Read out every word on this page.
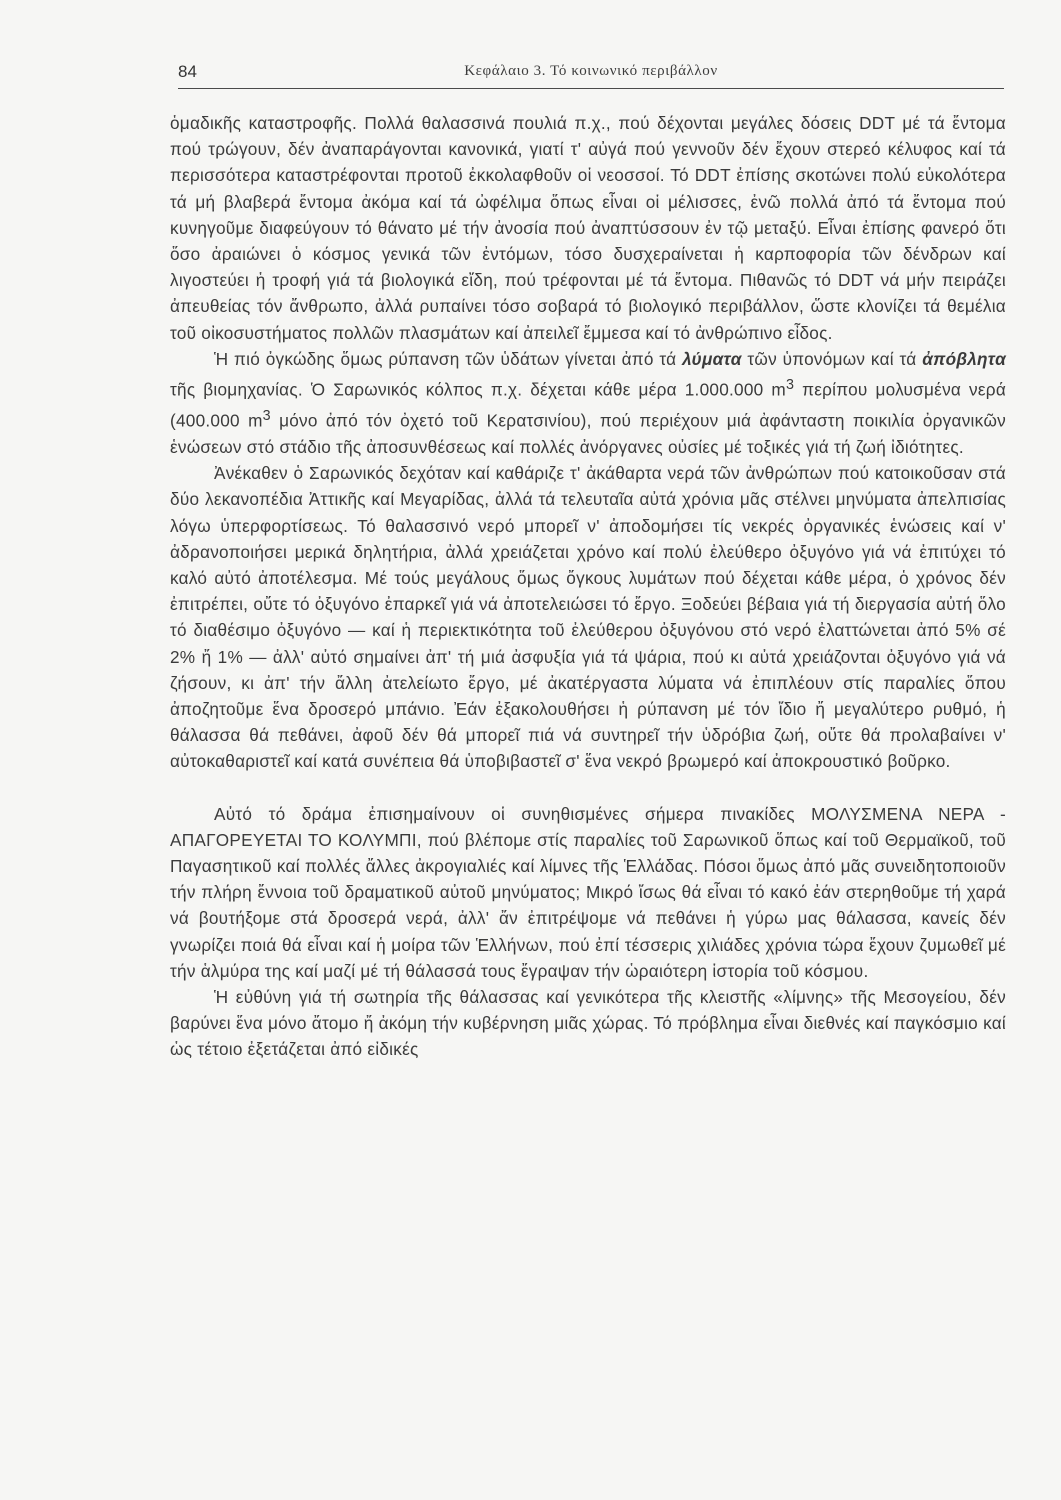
84	Κεφάλαιο 3. Τό κοινωνικό περιβάλλον

ὁμαδικῆς καταστροφῆς. Πολλά θαλασσινά πουλιά π.χ., πού δέχονται μεγάλες δόσεις DDT μέ τά ἔντομα πού τρώγουν, δέν ἀναπαράγονται κανονικά, γιατί τ' αὐγά πού γεννοῦν δέν ἔχουν στερεό κέλυφος καί τά περισσότερα καταστρέφονται προτοῦ ἐκκολαφθοῦν οἱ νεοσσοί. Τό DDT ἐπίσης σκοτώνει πολύ εὐκολότερα τά μή βλαβερά ἔντομα ἀκόμα καί τά ὠφέλιμα ὅπως εἶναι οἱ μέλισσες, ἐνῶ πολλά ἀπό τά ἔντομα πού κυνηγοῦμε διαφεύγουν τό θάνατο μέ τήν ἀνοσία πού ἀναπτύσσουν ἐν τῷ μεταξύ. Εἶναι ἐπίσης φανερό ὅτι ὅσο ἀραιώνει ὁ κόσμος γενικά τῶν ἐντόμων, τόσο δυσχεραίνεται ἡ καρποφορία τῶν δένδρων καί λιγοστεύει ἡ τροφή γιά τά βιολογικά εἴδη, πού τρέφονται μέ τά ἔντομα. Πιθανῶς τό DDT νά μήν πειράζει ἀπευθείας τόν ἄνθρωπο, ἀλλά ρυπαίνει τόσο σοβαρά τό βιολογικό περιβάλλον, ὥστε κλονίζει τά θεμέλια τοῦ οἰκοσυστήματος πολλῶν πλασμάτων καί ἀπειλεῖ ἔμμεσα καί τό ἀνθρώπινο εἶδος.

Ἡ πιό ὀγκώδης ὅμως ρύπανση τῶν ὑδάτων γίνεται ἀπό τά λύματα τῶν ὑπονόμων καί τά ἀπόβλητα τῆς βιομηχανίας. Ὁ Σαρωνικός κόλπος π.χ. δέχεται κάθε μέρα 1.000.000 $m^3$ περίπου μολυσμένα νερά (400.000 $m^3$ μόνο ἀπό τόν ὀχετό τοῦ Κερατσινίου), πού περιέχουν μιά ἀφάνταστη ποικιλία ὀργανικῶν ἑνώσεων στό στάδιο τῆς ἀποσυνθέσεως καί πολλές ἀνόργανες οὐσίες μέ τοξικές γιά τή ζωή ἰδιότητες.

Ἀνέκαθεν ὁ Σαρωνικός δεχόταν καί καθάριζε τ' ἀκάθαρτα νερά τῶν ἀνθρώπων πού κατοικοῦσαν στά δύο λεκανοπέδια Ἀττικῆς καί Μεγαρίδας, ἀλλά τά τελευταῖα αὐτά χρόνια μᾶς στέλνει μηνύματα ἀπελπισίας λόγω ὑπερφορτίσεως. Τό θαλασσινό νερό μπορεῖ ν' ἀποδομήσει τίς νεκρές ὀργανικές ἑνώσεις καί ν' ἀδρανοποιήσει μερικά δηλητήρια, ἀλλά χρειάζεται χρόνο καί πολύ ἐλεύθερο ὀξυγόνο γιά νά ἐπιτύχει τό καλό αὐτό ἀποτέλεσμα. Μέ τούς μεγάλους ὅμως ὄγκους λυμάτων πού δέχεται κάθε μέρα, ὁ χρόνος δέν ἐπιτρέπει, οὔτε τό ὀξυγόνο ἐπαρκεῖ γιά νά ἀποτελειώσει τό ἔργο. Ξοδεύει βέβαια γιά τή διεργασία αὐτή ὅλο τό διαθέσιμο ὀξυγόνο — καί ἡ περιεκτικότητα τοῦ ἐλεύθερου ὀξυγόνου στό νερό ἐλαττώνεται ἀπό 5% σέ 2% ἤ 1% — ἀλλ' αὐτό σημαίνει ἀπ' τή μιά ἀσφυξία γιά τά ψάρια, πού κι αὐτά χρειάζονται ὀξυγόνο γιά νά ζήσουν, κι ἀπ' τήν ἄλλη ἀτελείωτο ἔργο, μέ ἀκατέργαστα λύματα νά ἐπιπλέουν στίς παραλίες ὅπου ἀποζητοῦμε ἕνα δροσερό μπάνιο. Ἐάν ἐξακολουθήσει ἡ ρύπανση μέ τόν ἴδιο ἤ μεγαλύτερο ρυθμό, ἡ θάλασσα θά πεθάνει, ἀφοῦ δέν θά μπορεῖ πιά νά συντηρεῖ τήν ὑδρόβια ζωή, οὔτε θά προλαβαίνει ν' αὐτοκαθαριστεῖ καί κατά συνέπεια θά ὑποβιβαστεῖ σ' ἕνα νεκρό βρωμερό καί ἀποκρουστικό βοῦρκο.

Αὐτό τό δράμα ἐπισημαίνουν οἱ συνηθισμένες σήμερα πινακίδες ΜΟΛΥΣΜΕΝΑ ΝΕΡΑ - ΑΠΑΓΟΡΕΥΕΤΑΙ ΤΟ ΚΟΛΥΜΠΙ, πού βλέπομε στίς παραλίες τοῦ Σαρωνικοῦ ὅπως καί τοῦ Θερμαϊκοῦ, τοῦ Παγασητικοῦ καί πολλές ἄλλες ἀκρογιαλιές καί λίμνες τῆς Ἑλλάδας. Πόσοι ὅμως ἀπό μᾶς συνειδητοποιοῦν τήν πλήρη ἔννοια τοῦ δραματικοῦ αὐτοῦ μηνύματος; Μικρό ἴσως θά εἶναι τό κακό ἐάν στερηθοῦμε τή χαρά νά βουτήξομε στά δροσερά νερά, ἀλλ' ἄν ἐπιτρέψομε νά πεθάνει ἡ γύρω μας θάλασσα, κανείς δέν γνωρίζει ποιά θά εἶναι καί ἡ μοίρα τῶν Ἑλλήνων, πού ἐπί τέσσερις χιλιάδες χρόνια τώρα ἔχουν ζυμωθεῖ μέ τήν ἁλμύρα της καί μαζί μέ τή θάλασσά τους ἔγραψαν τήν ὡραιότερη ἱστορία τοῦ κόσμου.

Ἡ εὐθύνη γιά τή σωτηρία τῆς θάλασσας καί γενικότερα τῆς κλειστῆς «λίμνης» τῆς Μεσογείου, δέν βαρύνει ἕνα μόνο ἄτομο ἤ ἀκόμη τήν κυβέρνηση μιᾶς χώρας. Τό πρόβλημα εἶναι διεθνές καί παγκόσμιο καί ὡς τέτοιο ἐξετάζεται ἀπό εἰδικές
